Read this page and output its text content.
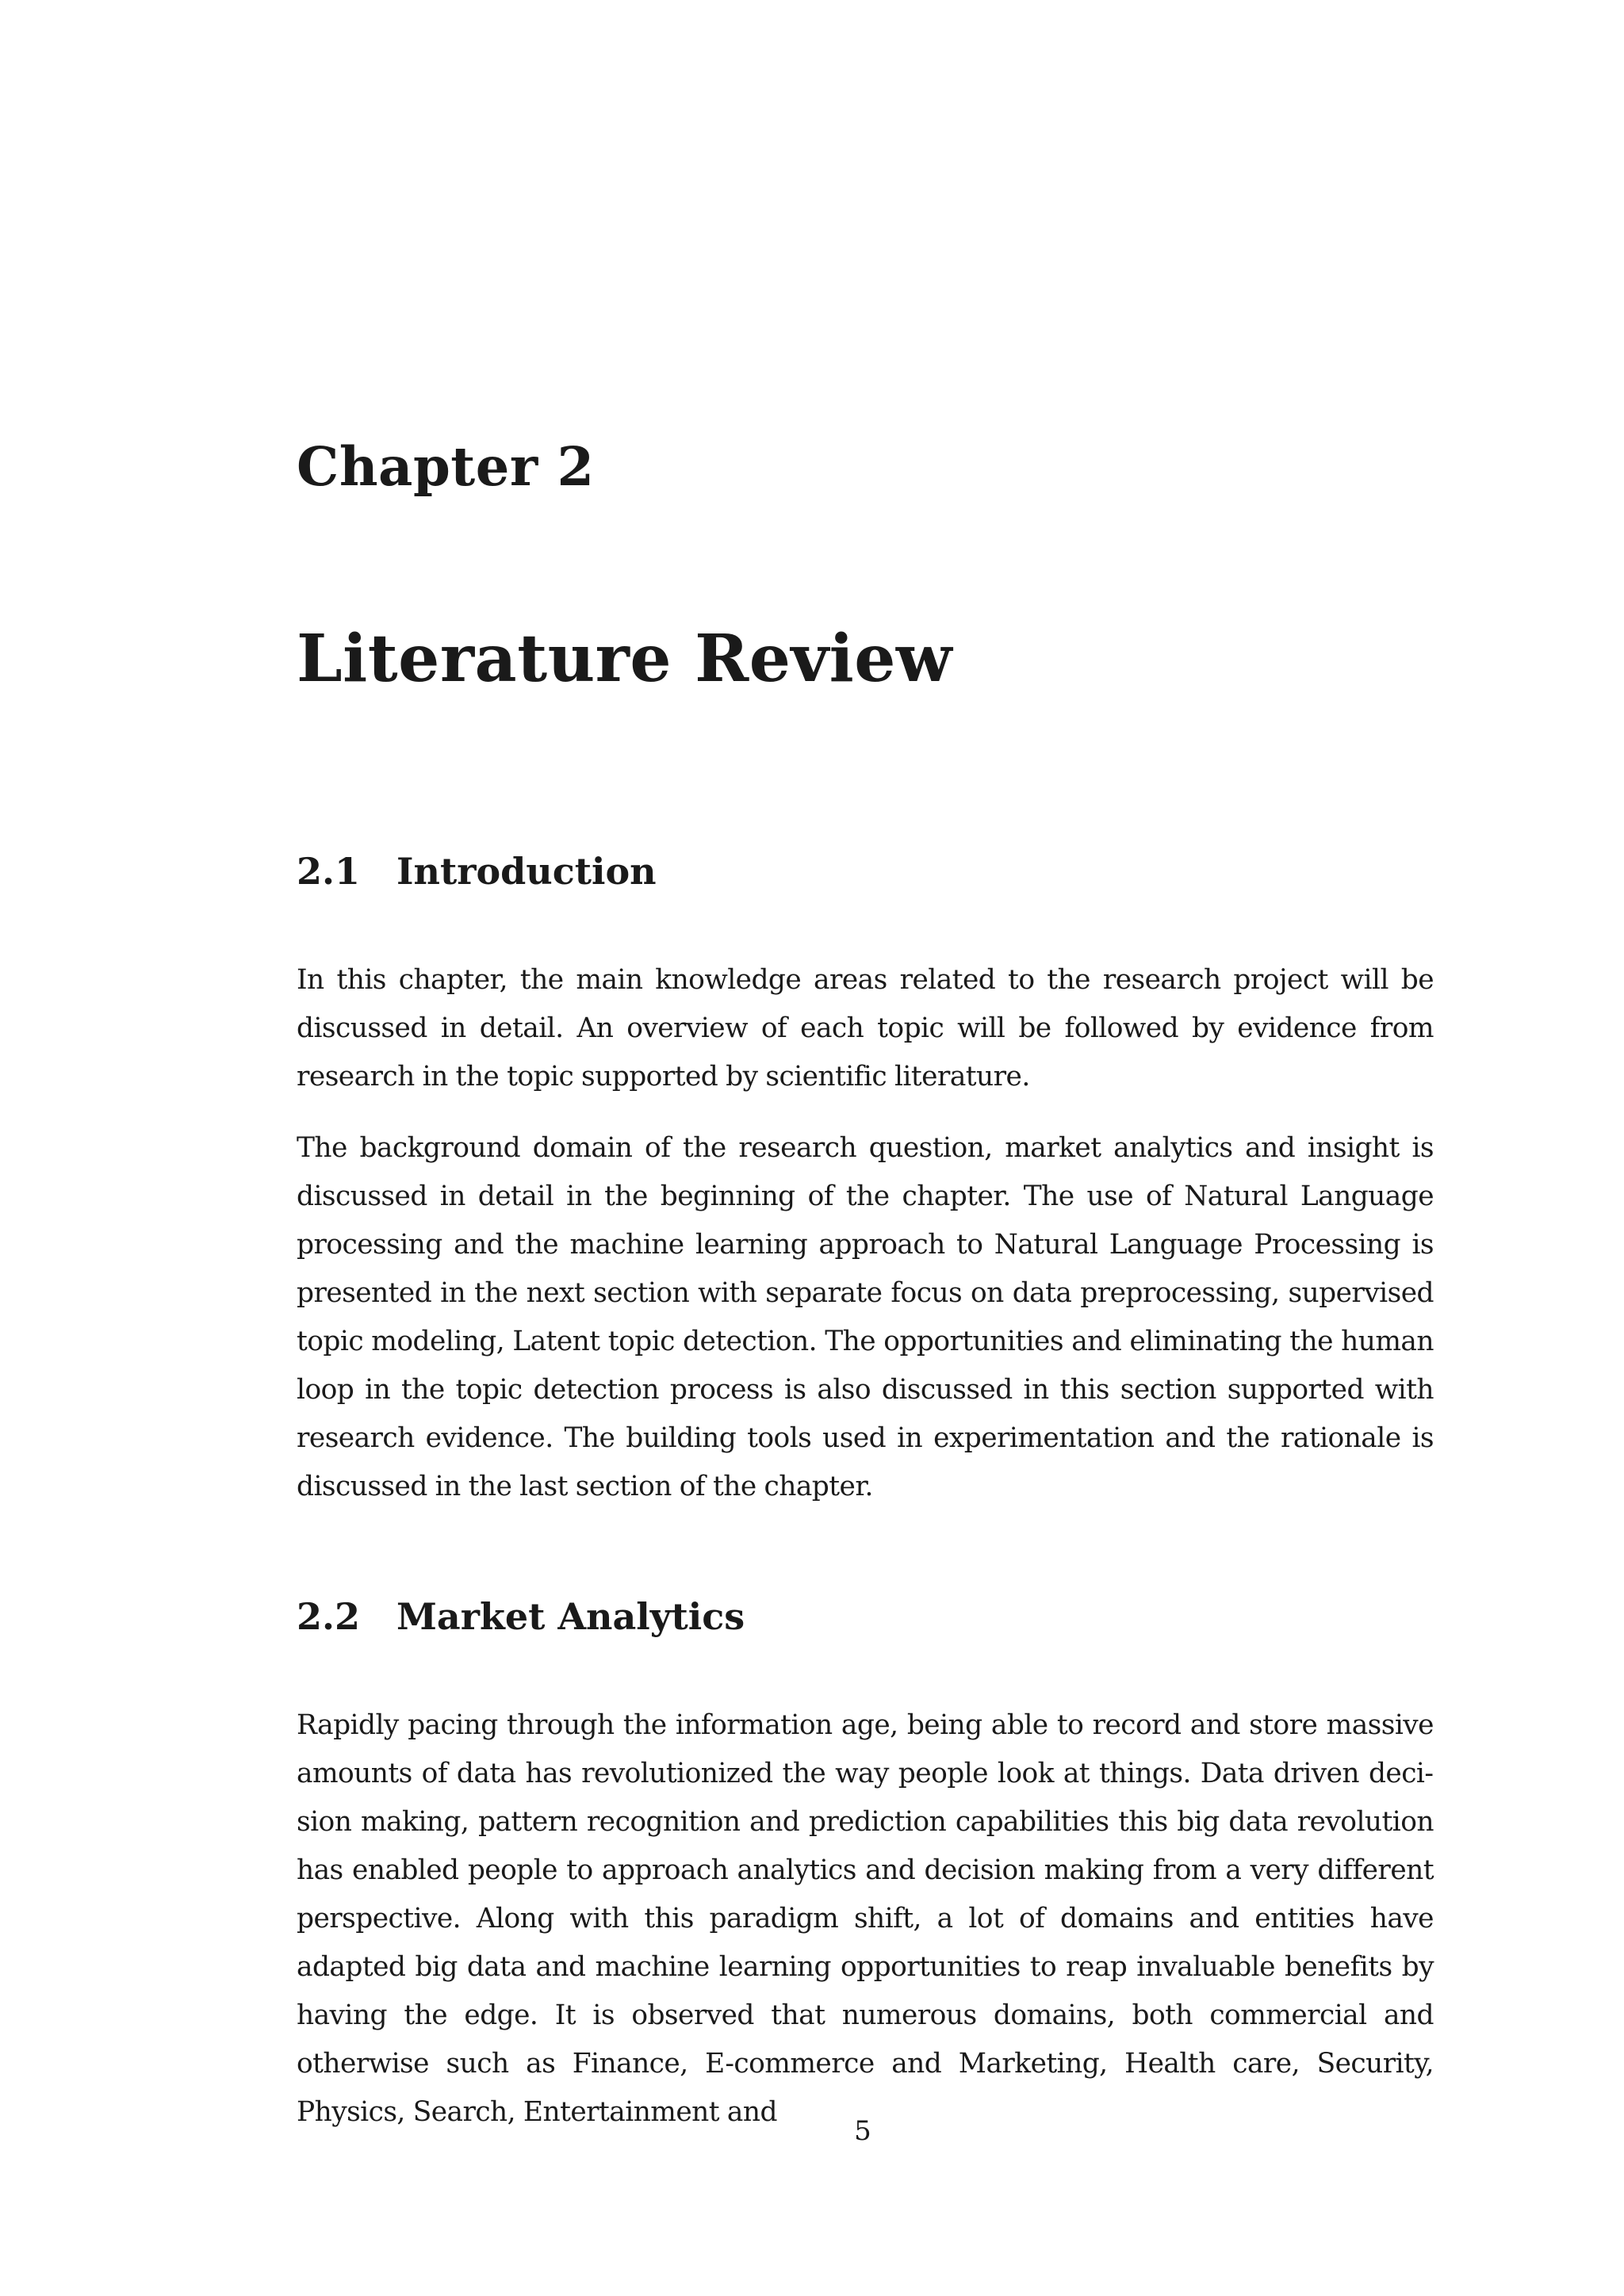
Chapter 2
Literature Review
2.1 Introduction

In this chapter, the main knowledge areas related to the research project will be discussed in detail. An overview of each topic will be followed by evidence from research in the topic supported by scientific literature.

The background domain of the research question, market analytics and insight is discussed in detail in the beginning of the chapter. The use of Natural Language processing and the machine learning approach to Natural Language Processing is presented in the next section with separate focus on data preprocessing, supervised topic modeling, Latent topic detection. The opportunities and eliminating the human loop in the topic detection process is also discussed in this section supported with research evidence. The building tools used in experimentation and the rationale is discussed in the last section of the chapter.

2.2 Market Analytics

Rapidly pacing through the information age, being able to record and store massive amounts of data has revolutionized the way people look at things. Data driven decision making, pattern recognition and prediction capabilities this big data revolution has enabled people to approach analytics and decision making from a very different perspective. Along with this paradigm shift, a lot of domains and entities have adapted big data and machine learning opportunities to reap invaluable benefits by having the edge. It is observed that numerous domains, both commercial and otherwise such as Finance, E-commerce and Marketing, Health care, Security, Physics, Search, Entertainment and

5
